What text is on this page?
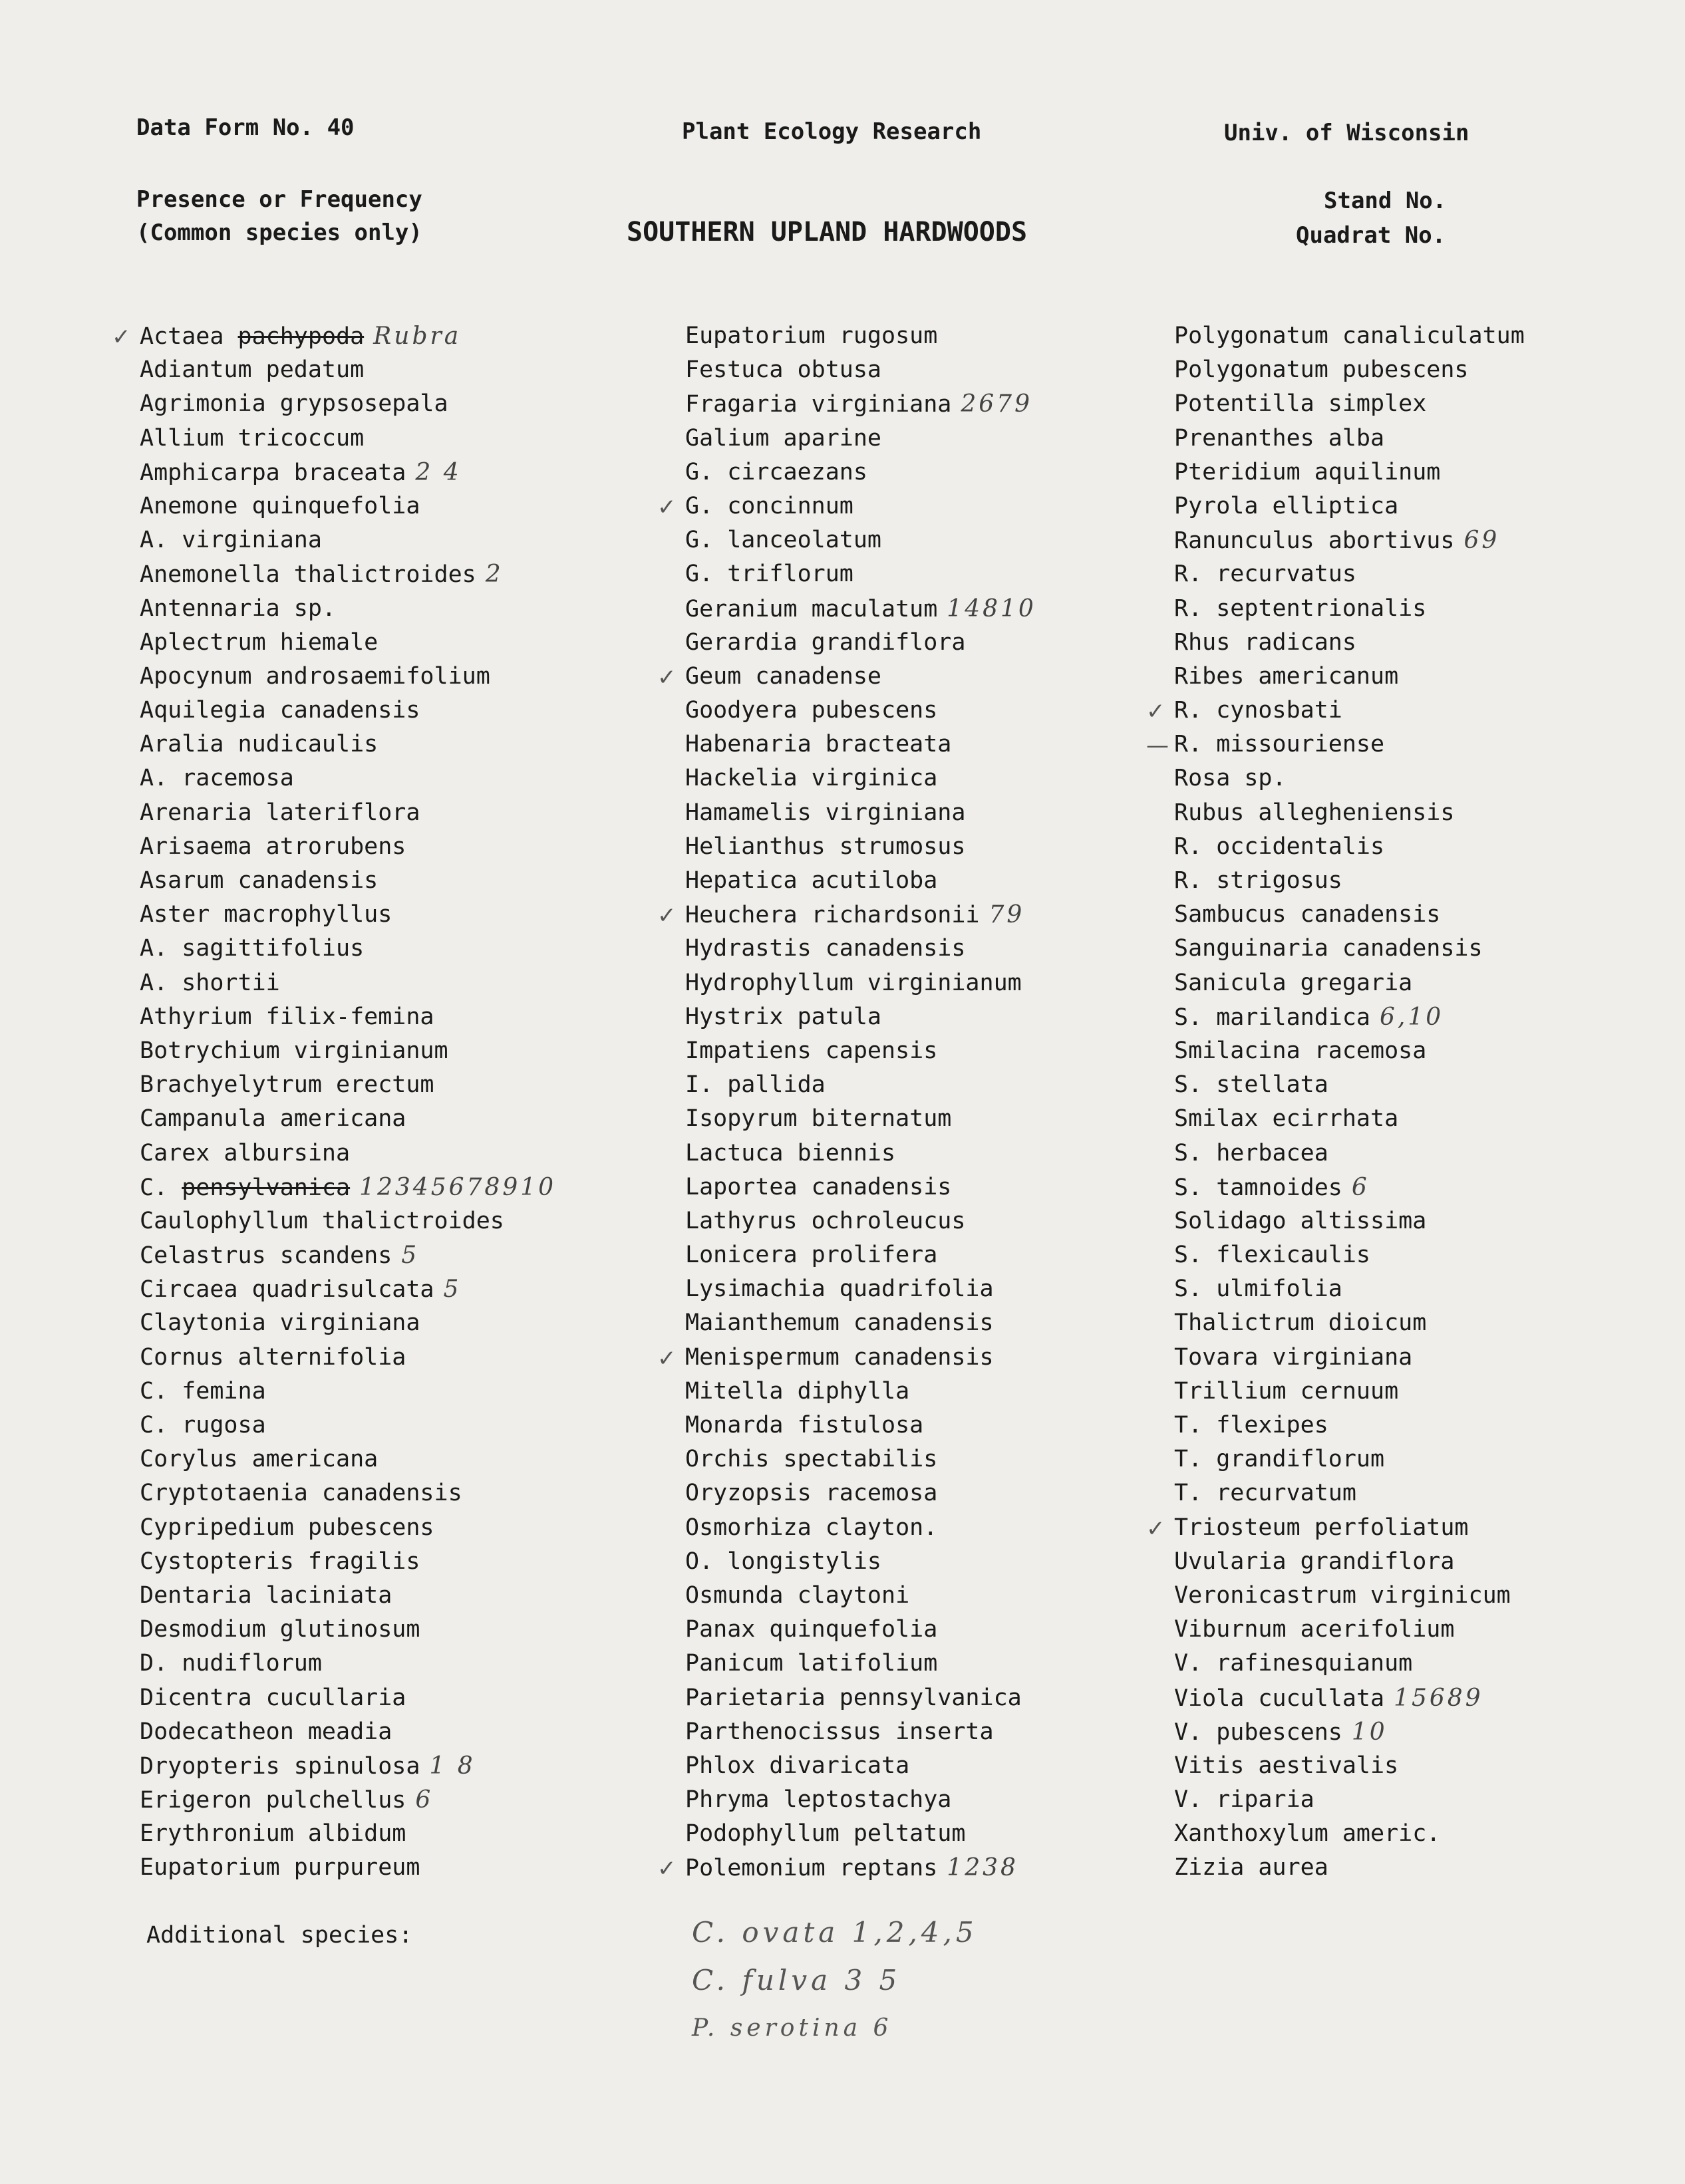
Data Form No. 40	Plant Ecology Research	Univ. of Wisconsin
Presence or Frequency
(Common species only)	SOUTHERN UPLAND HARDWOODS
Stand No.
Quadrat No.
✓ Actaea pachypoda Rubra
Adiantum pedatum
Agrimonia grypsosepala
Allium tricoccum
Amphicarpa braceata 2 4
Anemone quinquefolia
A. virginiana
Anemonella thalictroides 2
Antennaria sp.
Aplectrum hiemale
Apocynum androsaemifolium
Aquilegia canadensis
Aralia nudicaulis
A. racemosa
Arenaria lateriflora
Arisaema atrorubens
Asarum canadensis
Aster macrophyllus
A. sagittifolius
A. shortii
Athyrium filix-femina
Botrychium virginianum
Brachyelytrum erectum
Campanula americana
Carex albursina
C. pensylvanica 12345678910
Caulophyllum thalictroides
Celastrus scandens 5
Circaea quadrisulcata 5
Claytonia virginiana
Cornus alternifolia
C. femina
C. rugosa
Corylus americana
Cryptotaenia canadensis
Cypripedium pubescens
Cystopteris fragilis
Dentaria laciniata
Desmodium glutinosum
D. nudiflorum
Dicentra cucullaria
Dodecatheon meadia
Dryopteris spinulosa 1 8
Erigeron pulchellus 6
Erythronium albidum
Eupatorium purpureum
Eupatorium rugosum
Festuca obtusa
Fragaria virginiana 2679
Galium aparine
G. circaezans
✓ G. concinnum
G. lanceolatum
G. triflorum
Geranium maculatum 14810
Gerardia grandiflora
✓ Geum canadense
Goodyera pubescens
Habenaria bracteata
Hackelia virginica
Hamamelis virginiana
Helianthus strumosus
Hepatica acutiloba
✓ Heuchera richardsonii 79
Hydrastis canadensis
Hydrophyllum virginianum
Hystrix patula
Impatiens capensis
I. pallida
Isopyrum biternatum
Lactuca biennis
Laportea canadensis
Lathyrus ochroleucus
Lonicera prolifera
Lysimachia quadrifolia
Maianthemum canadensis
✓ Menispermum canadensis
Mitella diphylla
Monarda fistulosa
Orchis spectabilis
Oryzopsis racemosa
Osmorhiza clayton.
O. longistylis
Osmunda claytoni
Panax quinquefolia
Panicum latifolium
Parietaria pennsylvanica
Parthenocissus inserta
Phlox divaricata
Phryma leptostachya
Podophyllum peltatum
✓ Polemonium reptans 1238
Polygonatum canaliculatum
Polygonatum pubescens
Potentilla simplex
Prenanthes alba
Pteridium aquilinum
Pyrola elliptica
Ranunculus abortivus 69
R. recurvatus
R. septentrionalis
Rhus radicans
Ribes americanum
✓ R. cynosbati
— R. missouriense
Rosa sp.
Rubus allegheniensis
R. occidentalis
R. strigosus
Sambucus canadensis
Sanguinaria canadensis
Sanicula gregaria
S. marilandica 6,10
Smilacina racemosa
S. stellata
Smilax ecirrhata
S. herbacea
S. tamnoides 6
Solidago altissima
S. flexicaulis
S. ulmifolia
Thalictrum dioicum
Tovara virginiana
Trillium cernuum
T. flexipes
T. grandiflorum
T. recurvatum
✓ Triosteum perfoliatum
Uvularia grandiflora
Veronicastrum virginicum
Viburnum acerifolium
V. rafinesquianum
Viola cucullata 15689
V. pubescens 10
Vitis aestivalis
V. riparia
Xanthoxylum americ.
Zizia aurea
Additional species:	C. ovata 1,2,4,5
C. fulva 3 5
P. serotina 6
